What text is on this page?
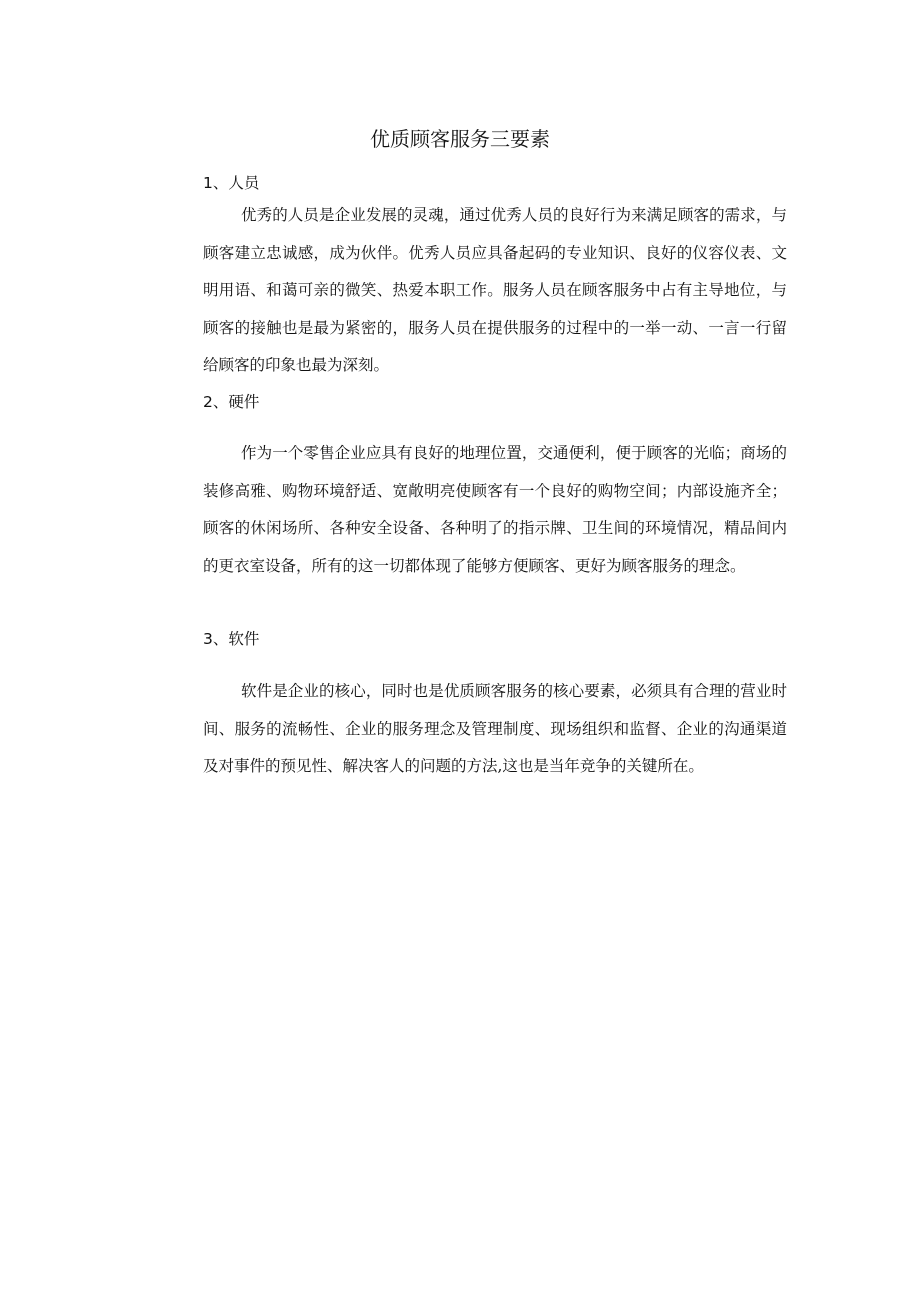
优质顾客服务三要素
1、人员

优秀的人员是企业发展的灵魂，通过优秀人员的良好行为来满足顾客的需求，与顾客建立忠诚感，成为伙伴。优秀人员应具备起码的专业知识、良好的仪容仪表、文明用语、和蔼可亲的微笑、热爱本职工作。服务人员在顾客服务中占有主导地位，与顾客的接触也是最为紧密的，服务人员在提供服务的过程中的一举一动、一言一行留给顾客的印象也最为深刻。

2、硬件

作为一个零售企业应具有良好的地理位置，交通便利，便于顾客的光临；商场的装修高雅、购物环境舒适、宽敞明亮使顾客有一个良好的购物空间；内部设施齐全；顾客的休闲场所、各种安全设备、各种明了的指示牌、卫生间的环境情况，精品间内的更衣室设备，所有的这一切都体现了能够方便顾客、更好为顾客服务的理念。

3、软件

软件是企业的核心，同时也是优质顾客服务的核心要素，必须具有合理的营业时间、服务的流畅性、企业的服务理念及管理制度、现场组织和监督、企业的沟通渠道及对事件的预见性、解决客人的问题的方法,这也是当年竞争的关键所在。
